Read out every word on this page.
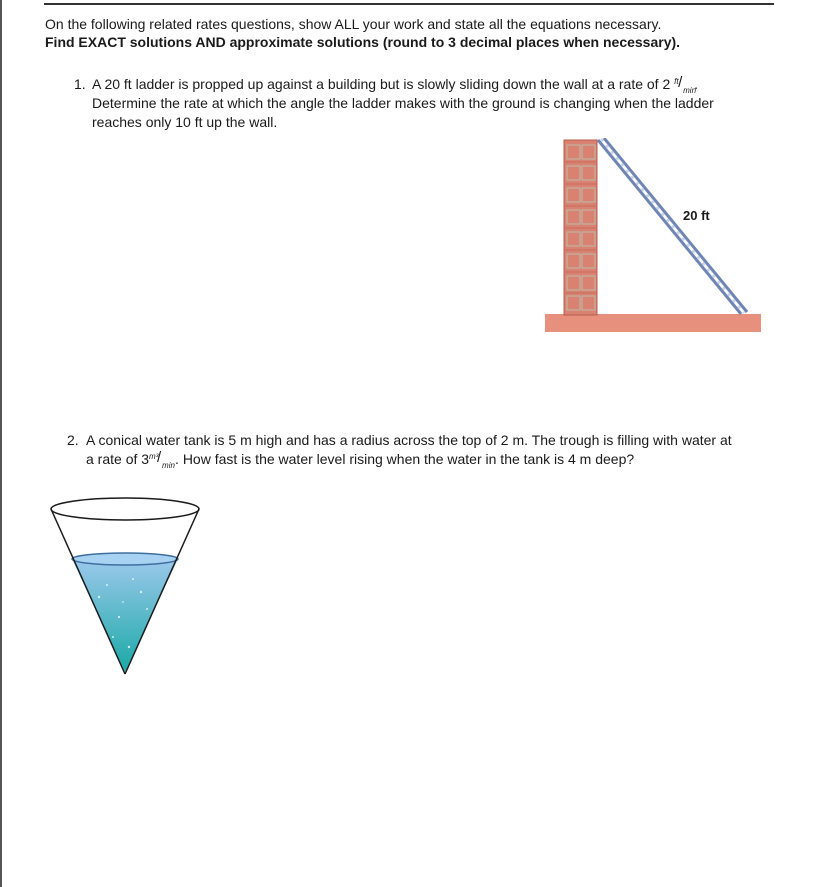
On the following related rates questions, show ALL your work and state all the equations necessary.
Find EXACT solutions AND approximate solutions (round to 3 decimal places when necessary).
1. A 20 ft ladder is propped up against a building but is slowly sliding down the wall at a rate of 2 ft / min
.
Determine the rate at which the angle the ladder makes with the ground is changing when the ladder
reaches only 10 ft up the wall.
20 ft
2. A conical water tank is 5 m high and has a radius across the top of 2 m. The trough is filling with water at
a rate of 3 m³
/ min . How fast is the water level rising when the water in the tank is 4 m deep?
